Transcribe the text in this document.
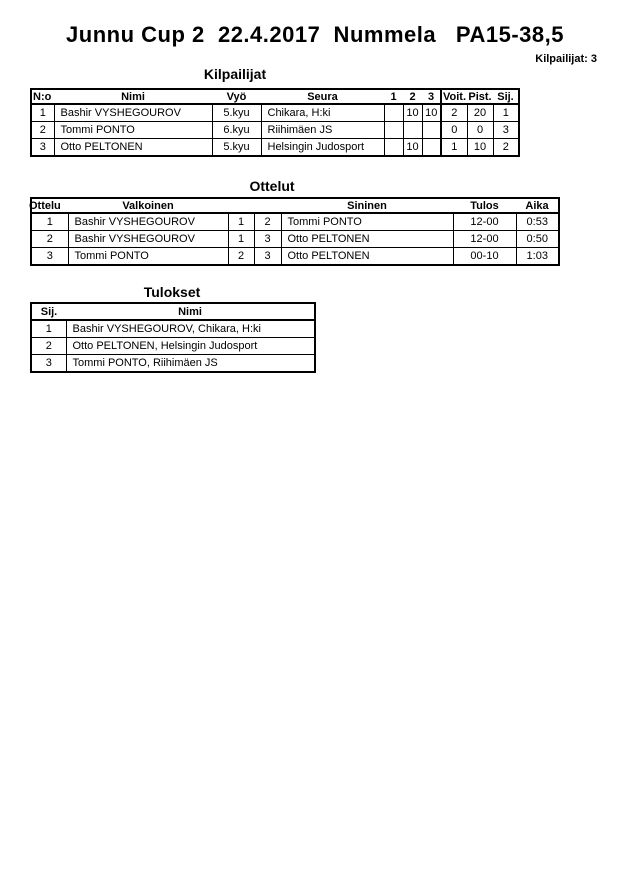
Junnu Cup 2  22.4.2017  Nummela   PA15-38,5
Kilpailijat: 3
Kilpailijat
N:o	Nimi	Vyö	Seura	1	2	3	Voit.	Pist.	Sij.
1	Bashir VYSHEGOUROV	5.kyu	Chikara, H:ki		10	10	2	20	1
2	Tommi PONTO	6.kyu	Riihimäen JS				0	0	3
3	Otto PELTONEN	5.kyu	Helsingin Judosport		10		1	10	2
Ottelut
Ottelu	Valkoinen			Sininen	Tulos	Aika
1	Bashir VYSHEGOUROV	1	2	Tommi PONTO	12-00	0:53
2	Bashir VYSHEGOUROV	1	3	Otto PELTONEN	12-00	0:50
3	Tommi PONTO	2	3	Otto PELTONEN	00-10	1:03
Tulokset
Sij.	Nimi
1	Bashir VYSHEGOUROV, Chikara, H:ki
2	Otto PELTONEN, Helsingin Judosport
3	Tommi PONTO, Riihimäen JS
